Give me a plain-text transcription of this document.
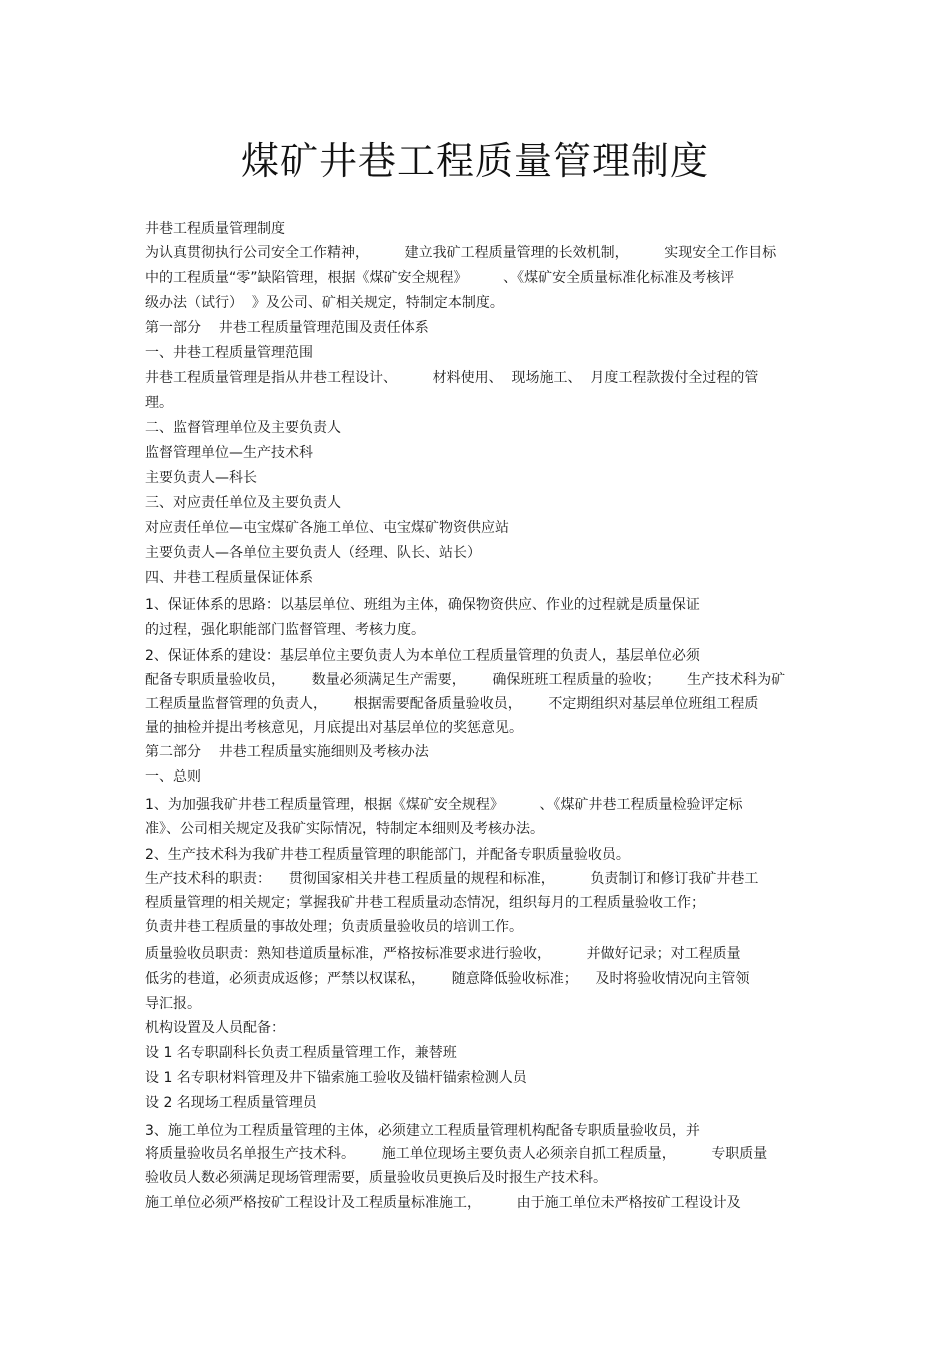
煤矿井巷工程质量管理制度
井巷工程质量管理制度
为认真贯彻执行公司安全工作精神，        建立我矿工程质量管理的长效机制，        实现安全工作目标
中的工程质量“零”缺陷管理，根据《煤矿安全规程》        、《煤矿安全质量标准化标准及考核评
级办法（试行）  》及公司、矿相关规定，特制定本制度。
第一部分    井巷工程质量管理范围及责任体系
一、井巷工程质量管理范围
井巷工程质量管理是指从井巷工程设计、        材料使用、  现场施工、  月度工程款拨付全过程的管
理。
二、监督管理单位及主要负责人
监督管理单位—生产技术科
主要负责人—科长
三、对应责任单位及主要负责人
对应责任单位—屯宝煤矿各施工单位、屯宝煤矿物资供应站
主要负责人—各单位主要负责人（经理、队长、站长）
四、井巷工程质量保证体系
1、保证体系的思路：以基层单位、班组为主体，确保物资供应、作业的过程就是质量保证
的过程，强化职能部门监督管理、考核力度。
2、保证体系的建设：基层单位主要负责人为本单位工程质量管理的负责人，基层单位必须
配备专职质量验收员，      数量必须满足生产需要，      确保班班工程质量的验收；      生产技术科为矿
工程质量监督管理的负责人，      根据需要配备质量验收员，      不定期组织对基层单位班组工程质
量的抽检并提出考核意见，月底提出对基层单位的奖惩意见。
第二部分    井巷工程质量实施细则及考核办法
一、总则
1、为加强我矿井巷工程质量管理，根据《煤矿安全规程》        、《煤矿井巷工程质量检验评定标
准》、公司相关规定及我矿实际情况，特制定本细则及考核办法。
2、生产技术科为我矿井巷工程质量管理的职能部门，并配备专职质量验收员。
生产技术科的职责：    贯彻国家相关井巷工程质量的规程和标准，        负责制订和修订我矿井巷工
程质量管理的相关规定；掌握我矿井巷工程质量动态情况，组织每月的工程质量验收工作；
负责井巷工程质量的事故处理；负责质量验收员的培训工作。
质量验收员职责：熟知巷道质量标准，严格按标准要求进行验收，        并做好记录；对工程质量
低劣的巷道，必须责成返修；严禁以权谋私，      随意降低验收标准；    及时将验收情况向主管领
导汇报。
机构设置及人员配备：
设 1 名专职副科长负责工程质量管理工作，兼替班
设 1 名专职材料管理及井下锚索施工验收及锚杆锚索检测人员
设 2 名现场工程质量管理员
3、施工单位为工程质量管理的主体，必须建立工程质量管理机构配备专职质量验收员，并
将质量验收员名单报生产技术科。      施工单位现场主要负责人必须亲自抓工程质量，        专职质量
验收员人数必须满足现场管理需要，质量验收员更换后及时报生产技术科。
施工单位必须严格按矿工程设计及工程质量标准施工，        由于施工单位未严格按矿工程设计及
